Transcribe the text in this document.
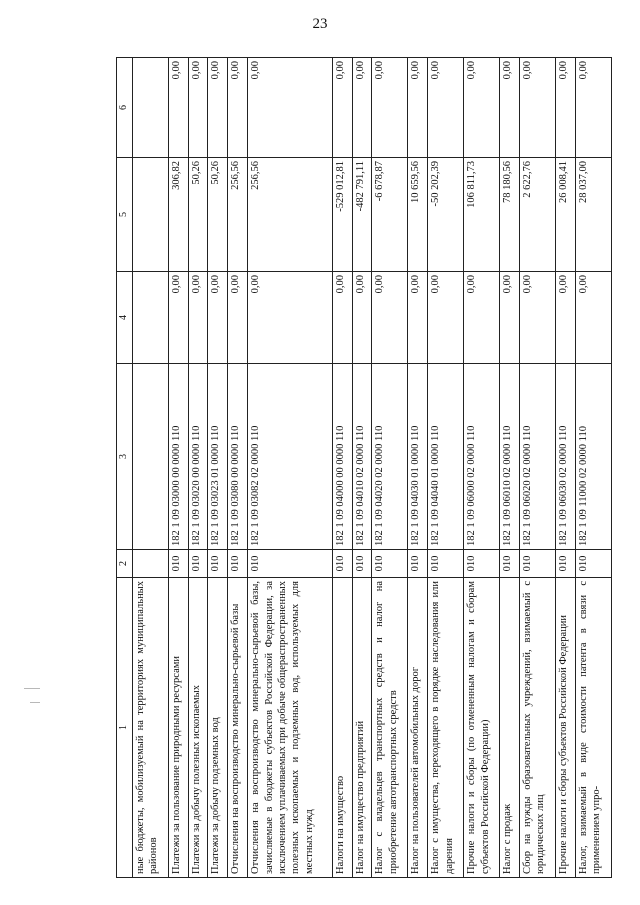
23
1	2	3	4	5	6
ные бюджеты, мобилизуемый на территориях муниципальных районов					
Платежи за пользование природными ресурсами	010	182 1 09 03000 00 0000 110	0,00	306,82	0,00
Платежи за добычу полезных ископаемых	010	182 1 09 03020 00 0000 110	0,00	50,26	0,00
Платежи за добычу подземных вод	010	182 1 09 03023 01 0000 110	0,00	50,26	0,00
Отчисления на воспроизводство минерально-сырьевой базы	010	182 1 09 03080 00 0000 110	0,00	256,56	0,00
Отчисления на воспроизводство минерально-сырьевой базы, зачисляемые в бюджеты субъектов Российской Федерации, за исключением уплачиваемых при добыче общераспространенных полезных ископаемых и подземных вод, используемых для местных нужд	010	182 1 09 03082 02 0000 110	0,00	256,56	0,00
Налоги на имущество	010	182 1 09 04000 00 0000 110	0,00	-529 012,81	0,00
Налог на имущество предприятий	010	182 1 09 04010 02 0000 110	0,00	-482 791,11	0,00
Налог с владельцев транспортных средств и налог на приобретение автотранспортных средств	010	182 1 09 04020 02 0000 110	0,00	-6 678,87	0,00
Налог на пользователей автомобильных дорог	010	182 1 09 04030 01 0000 110	0,00	10 659,56	0,00
Налог с имущества, переходящего в порядке наследования или дарения	010	182 1 09 04040 01 0000 110	0,00	-50 202,39	0,00
Прочие налоги и сборы (по отмененным налогам и сборам субъектов Российской Федерации)	010	182 1 09 06000 02 0000 110	0,00	106 811,73	0,00
Налог с продаж	010	182 1 09 06010 02 0000 110	0,00	78 180,56	0,00
Сбор на нужды образовательных учреждений, взимаемый с юридических лиц	010	182 1 09 06020 02 0000 110	0,00	2 622,76	0,00
Прочие налоги и сборы субъектов Российской Федерации	010	182 1 09 06030 02 0000 110	0,00	26 008,41	0,00
Налог, взимаемый в виде стоимости патента в связи с применением упро-	010	182 1 09 11000 02 0000 110	0,00	28 037,00	0,00
